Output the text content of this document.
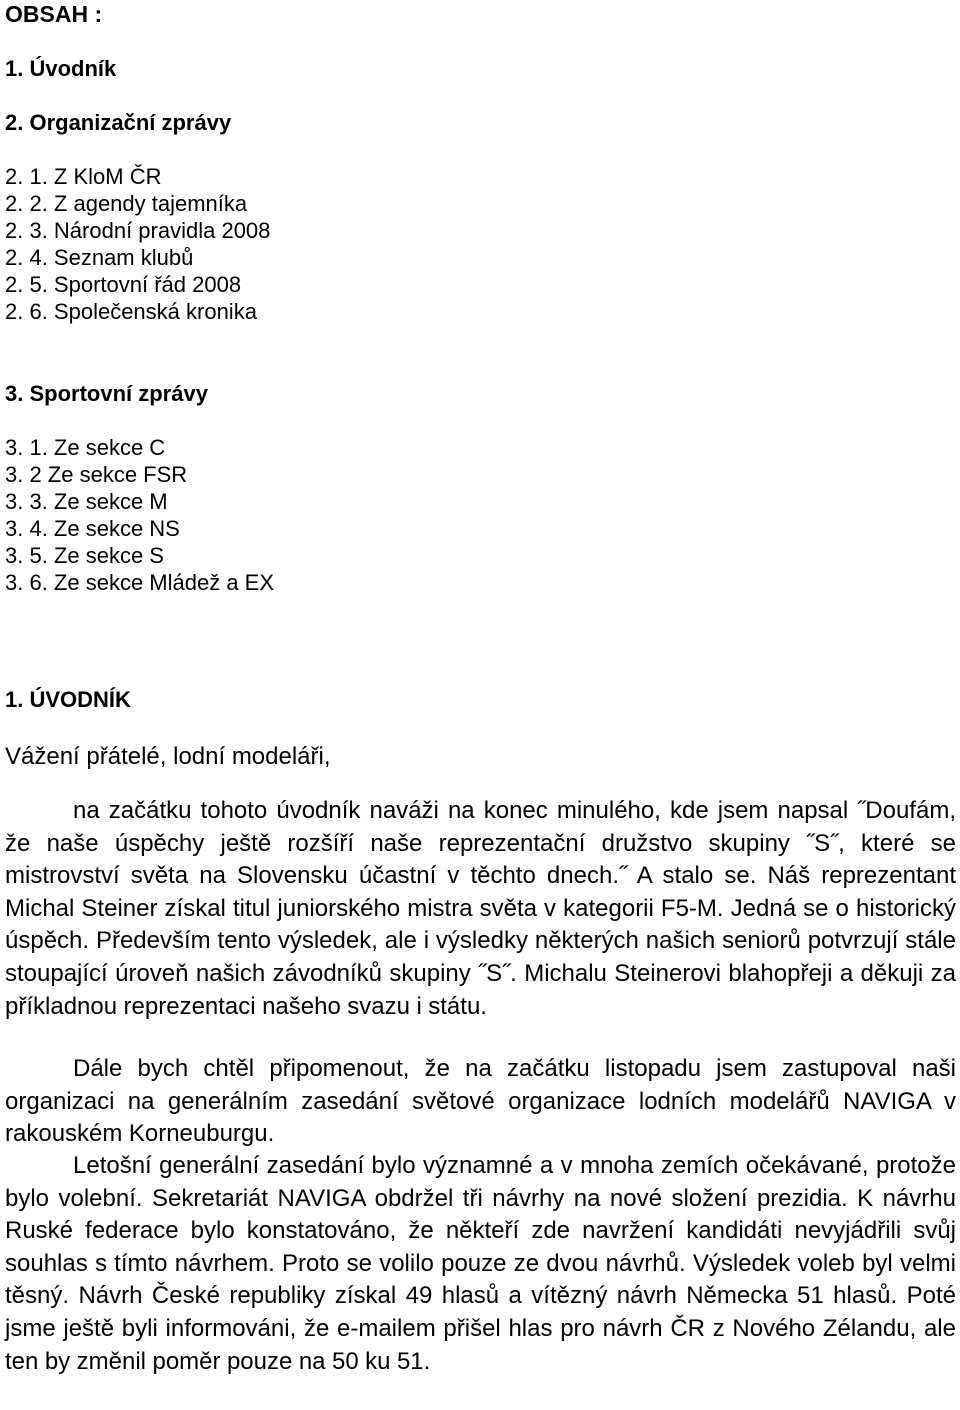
OBSAH :

1. Úvodník

2. Organizační zprávy

2. 1. Z KloM ČR

2. 2. Z agendy tajemníka

2. 3. Národní pravidla 2008

2. 4. Seznam klubů

2. 5. Sportovní řád 2008

2. 6. Společenská kronika

3. Sportovní zprávy

3. 1. Ze sekce C

3. 2 Ze sekce FSR

3. 3. Ze sekce M

3. 4. Ze sekce NS

3. 5. Ze sekce S

3. 6. Ze sekce Mládež a EX

1. ÚVODNÍK

Vážení přátelé, lodní modeláři,

na začátku tohoto úvodník naváži na konec minulého, kde jsem napsal ˝Doufám, že naše úspěchy ještě rozšíří naše reprezentační družstvo skupiny ˝S˝, které se mistrovství světa na Slovensku účastní v těchto dnech.˝ A stalo se. Náš reprezentant Michal Steiner získal titul juniorského mistra světa v kategorii F5-M. Jedná se o historický úspěch. Především tento výsledek, ale i výsledky některých našich seniorů potvrzují stále stoupající úroveň našich závodníků skupiny ˝S˝. Michalu Steinerovi blahopřeji a děkuji za příkladnou reprezentaci našeho svazu i státu.

Dále bych chtěl připomenout, že na začátku listopadu jsem zastupoval naši organizaci na generálním zasedání světové organizace lodních modelářů NAVIGA v rakouském Korneuburgu.

Letošní generální zasedání bylo významné a v mnoha zemích očekávané, protože bylo volební. Sekretariát NAVIGA obdržel tři návrhy na nové složení prezidia. K návrhu Ruské federace bylo konstatováno, že někteří zde navržení kandidáti nevyjádřili svůj souhlas s tímto návrhem. Proto se volilo pouze ze dvou návrhů. Výsledek voleb byl velmi těsný. Návrh České republiky získal 49 hlasů a vítězný návrh Německa 51 hlasů. Poté jsme ještě byli informováni, že e-mailem přišel hlas pro návrh ČR z Nového Zélandu, ale ten by změnil poměr pouze na 50 ku 51.
